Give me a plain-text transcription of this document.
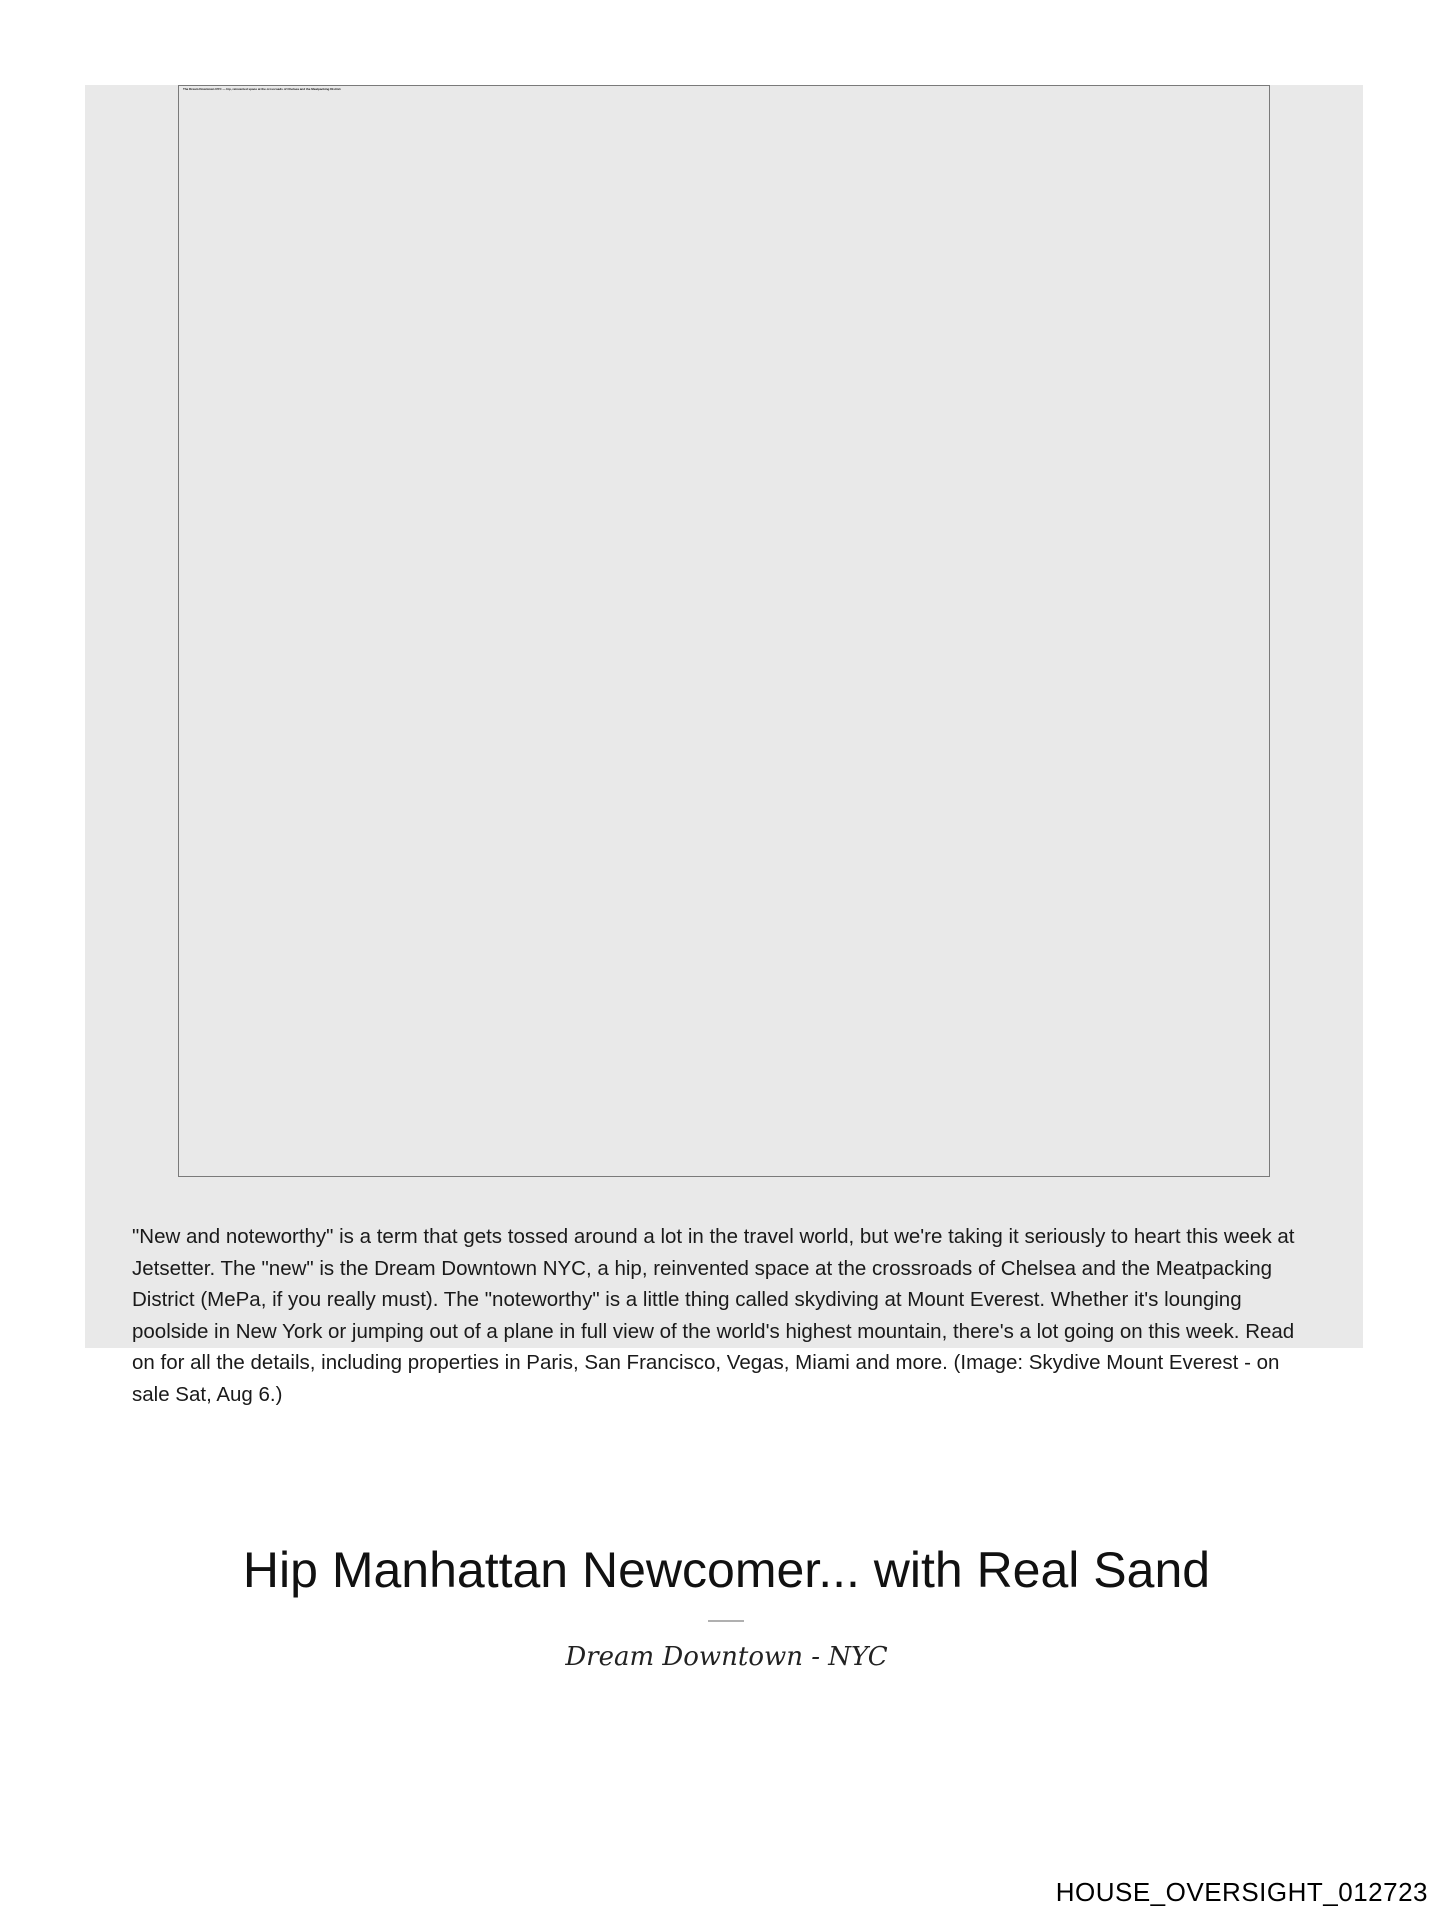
The Dream Downtown NYC — hip, reinvented space at the crossroads of Chelsea and the Meatpacking District.

"New and noteworthy" is a term that gets tossed around a lot in the travel world, but we're taking it seriously to heart this week at Jetsetter. The "new" is the Dream Downtown NYC, a hip, reinvented space at the crossroads of Chelsea and the Meatpacking District (MePa, if you really must). The "noteworthy" is a little thing called skydiving at Mount Everest. Whether it's lounging poolside in New York or jumping out of a plane in full view of the world's highest mountain, there's a lot going on this week. Read on for all the details, including properties in Paris, San Francisco, Vegas, Miami and more. (Image: Skydive Mount Everest - on sale Sat, Aug 6.)

Hip Manhattan Newcomer... with Real Sand

Dream Downtown - NYC

HOUSE_OVERSIGHT_012723
